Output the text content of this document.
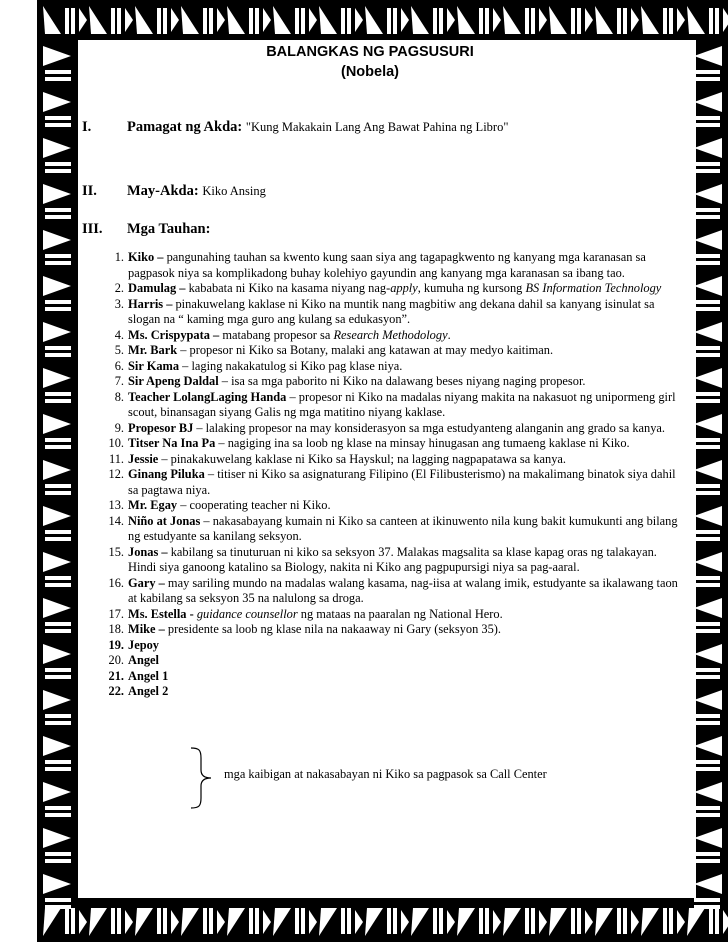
BALANGKAS NG PAGSUSURI
(Nobela)
I.	Pamagat ng Akda: "Kung Makakain Lang Ang Bawat Pahina ng Libro"
II.	May-Akda: Kiko Ansing
III.	Mga Tauhan:
1. Kiko – pangunahing tauhan sa kwento kung saan siya ang tagapagkwento ng kanyang mga karanasan sa pagpasok niya sa komplikadong buhay kolehiyo gayundin ang kanyang mga karanasan sa ibang tao.
2. Damulag – kababata ni Kiko na kasama niyang nag-apply, kumuha ng kursong BS Information Technology
3. Harris – pinakuwelang kaklase ni Kiko na muntik nang magbitiw ang dekana dahil sa kanyang isinulat sa slogan na “ kaming mga guro ang kulang sa edukasyon”.
4. Ms. Crispypata – matabang propesor sa Research Methodology.
5. Mr. Bark – propesor ni Kiko sa Botany, malaki ang katawan at may medyo kaitiman.
6. Sir Kama – laging nakakatulog si Kiko pag klase niya.
7. Sir Apeng Daldal – isa sa mga paborito ni Kiko na dalawang beses niyang naging propesor.
8. Teacher LolangLaging Handa – propesor ni Kiko na madalas niyang makita na nakasuot ng unipormeng girl scout, binansagan siyang Galis ng mga matitino niyang kaklase.
9. Propesor BJ – lalaking propesor na may konsiderasyon sa mga estudyanteng alanganin ang grado sa kanya.
10. Titser Na Ina Pa – nagiging ina sa loob ng klase na minsay hinugasan ang tumaeng kaklase ni Kiko.
11. Jessie – pinakakuwelang kaklase ni Kiko sa Hayskul; na lagging nagpapatawa sa kanya.
12. Ginang Piluka – titiser ni Kiko sa asignaturang Filipino (El Filibusterismo) na makalimang binatok siya dahil sa pagtawa niya.
13. Mr. Egay – cooperating teacher ni Kiko.
14. Niño at Jonas – nakasabayang kumain ni Kiko sa canteen at ikinuwento nila kung bakit kumukunti ang bilang ng estudyante sa kanilang seksyon.
15. Jonas – kabilang sa tinuturuan ni kiko sa seksyon 37. Malakas magsalita sa klase kapag oras ng talakayan. Hindi siya ganoong katalino sa Biology, nakita ni Kiko ang pagpupursigi niya sa pag-aaral.
16. Gary – may sariling mundo na madalas walang kasama, nag-iisa at walang imik, estudyante sa ikalawang taon at kabilang sa seksyon 35 na nalulong sa droga.
17. Ms. Estella - guidance counsellor ng mataas na paaralan ng National Hero.
18. Mike – presidente sa loob ng klase nila na nakaaway ni Gary (seksyon 35).
19. Jepoy
20. Angel
21. Angel 1
22. Angel 2
mga kaibigan at nakasabayan ni Kiko sa pagpasok sa Call Center
